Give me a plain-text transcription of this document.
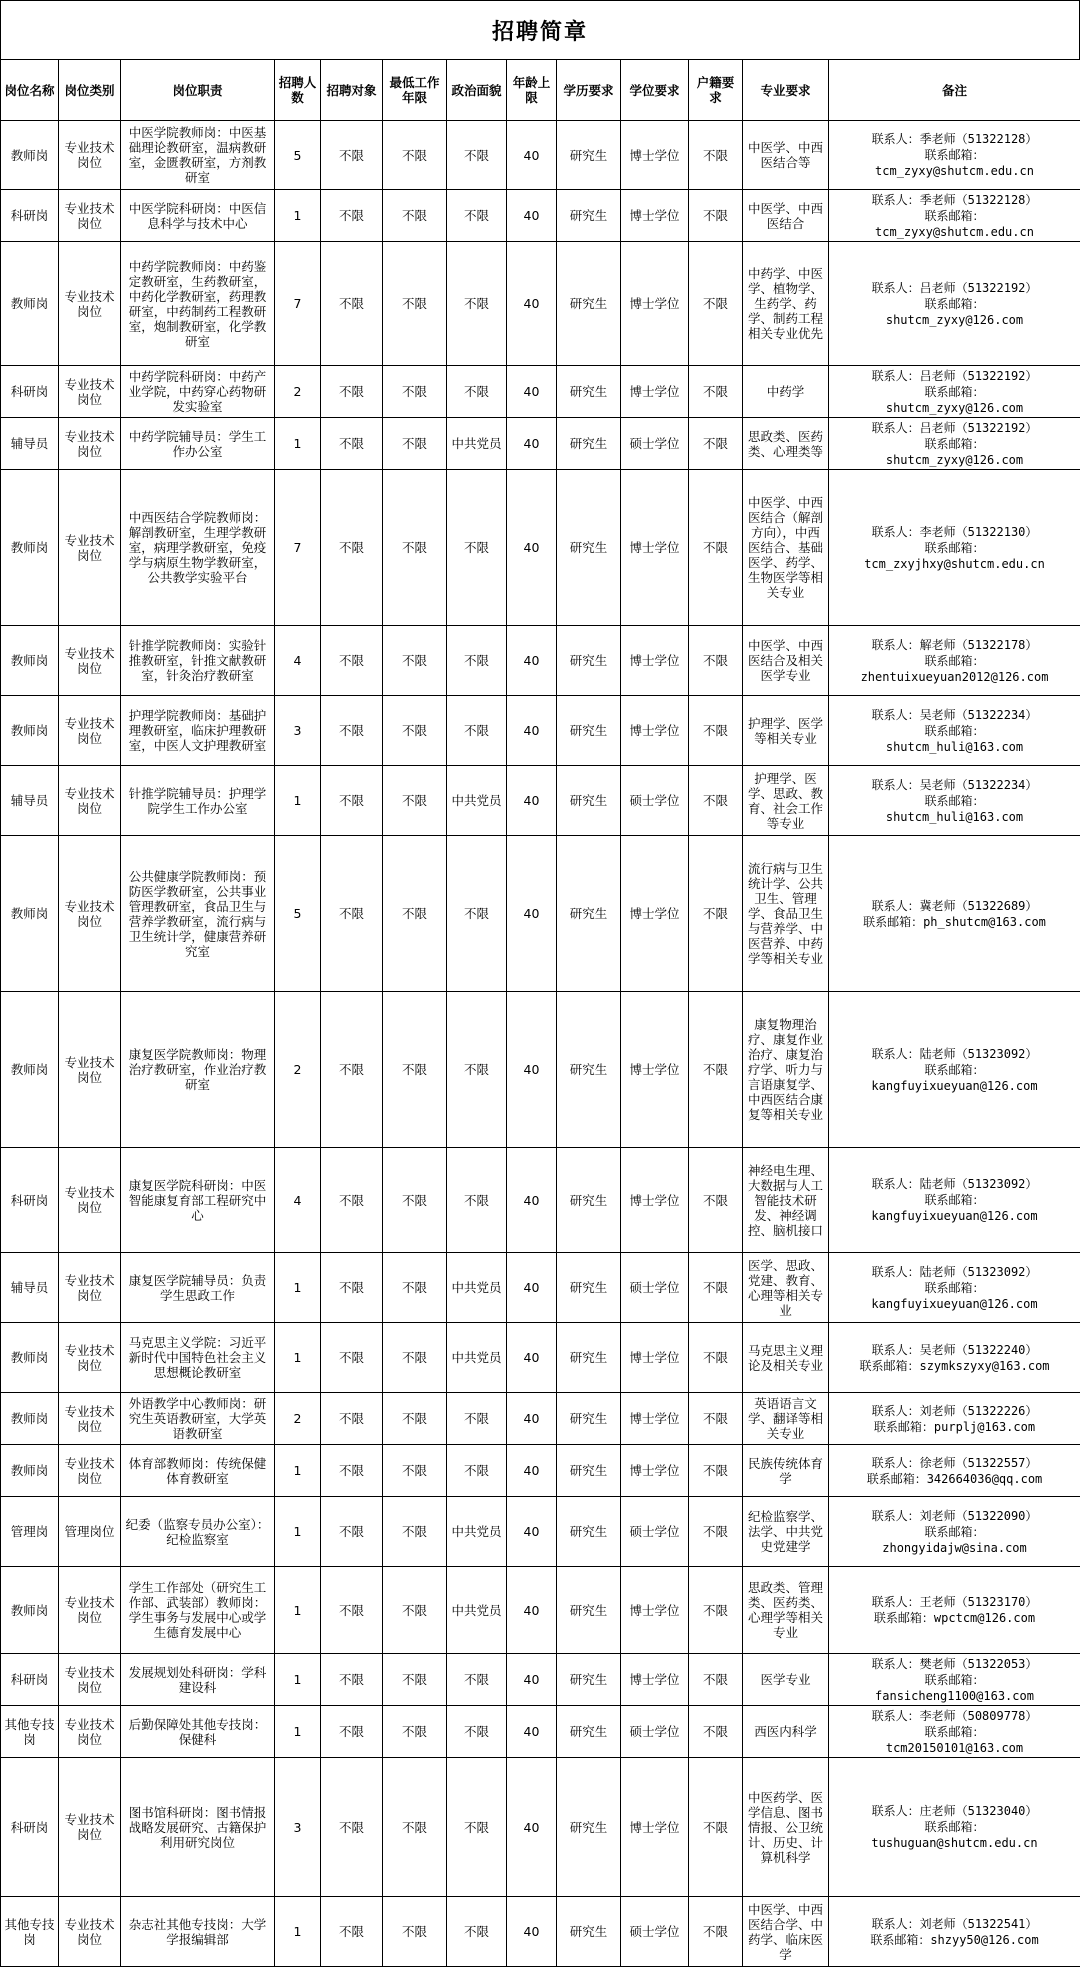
招聘简章
岗位名称	岗位类别	岗位职责	招聘人数	招聘对象	最低工作年限	政治面貌	年龄上限	学历要求	学位要求	户籍要求	专业要求	备注
教师岗	专业技术岗位	中医学院教师岗：中医基础理论教研室，温病教研室，金匮教研室，方剂教研室	5	不限	不限	不限	40	研究生	博士学位	不限	中医学、中西医结合等	联系人：季老师（51322128）
联系邮箱：
tcm_zyxy@shutcm.edu.cn

科研岗	专业技术岗位	中医学院科研岗：中医信息科学与技术中心	1	不限	不限	不限	40	研究生	博士学位	不限	中医学、中西医结合	联系人：季老师（51322128）
联系邮箱：
tcm_zyxy@shutcm.edu.cn

教师岗	专业技术岗位	中药学院教师岗：中药鉴定教研室，生药教研室，中药化学教研室，药理教研室，中药制药工程教研室，炮制教研室，化学教研室	7	不限	不限	不限	40	研究生	博士学位	不限	中药学、中医学、植物学、生药学、药学、制药工程相关专业优先	联系人：吕老师（51322192）
联系邮箱：
shutcm_zyxy@126.com

科研岗	专业技术岗位	中药学院科研岗：中药产业学院，中药穿心药物研发实验室	2	不限	不限	不限	40	研究生	博士学位	不限	中药学	联系人：吕老师（51322192）
联系邮箱：
shutcm_zyxy@126.com

辅导员	专业技术岗位	中药学院辅导员：学生工作办公室	1	不限	不限	中共党员	40	研究生	硕士学位	不限	思政类、医药类、心理类等	联系人：吕老师（51322192）
联系邮箱：
shutcm_zyxy@126.com

教师岗	专业技术岗位	中西医结合学院教师岗：解剖教研室，生理学教研室，病理学教研室，免疫学与病原生物学教研室，公共教学实验平台	7	不限	不限	不限	40	研究生	博士学位	不限	中医学、中西医结合（解剖方向），中西医结合、基础医学、药学、生物医学等相关专业	联系人：李老师（51322130）
联系邮箱：
tcm_zxyjhxy@shutcm.edu.cn

教师岗	专业技术岗位	针推学院教师岗：实验针推教研室，针推文献教研室，针灸治疗教研室	4	不限	不限	不限	40	研究生	博士学位	不限	中医学、中西医结合及相关医学专业	联系人：解老师（51322178）
联系邮箱：
zhentuixueyuan2012@126.com

教师岗	专业技术岗位	护理学院教师岗：基础护理教研室，临床护理教研室，中医人文护理教研室	3	不限	不限	不限	40	研究生	博士学位	不限	护理学、医学等相关专业	联系人：吴老师（51322234）
联系邮箱：
shutcm_huli@163.com

辅导员	专业技术岗位	针推学院辅导员：护理学院学生工作办公室	1	不限	不限	中共党员	40	研究生	硕士学位	不限	护理学、医学、思政、教育、社会工作等专业	联系人：吴老师（51322234）
联系邮箱：
shutcm_huli@163.com

教师岗	专业技术岗位	公共健康学院教师岗：预防医学教研室，公共事业管理教研室，食品卫生与营养学教研室，流行病与卫生统计学，健康营养研究室	5	不限	不限	不限	40	研究生	博士学位	不限	流行病与卫生统计学、公共卫生、管理学、食品卫生与营养学、中医营养、中药学等相关专业	联系人：冀老师（51322689）
联系邮箱：ph_shutcm@163.com

教师岗	专业技术岗位	康复医学院教师岗：物理治疗教研室，作业治疗教研室	2	不限	不限	不限	40	研究生	博士学位	不限	康复物理治疗、康复作业治疗、康复治疗学、听力与言语康复学、中西医结合康复等相关专业	联系人：陆老师（51323092）
联系邮箱：
kangfuyixueyuan@126.com

科研岗	专业技术岗位	康复医学院科研岗：中医智能康复育部工程研究中心	4	不限	不限	不限	40	研究生	博士学位	不限	神经电生理、大数据与人工智能技术研发、神经调控、脑机接口	联系人：陆老师（51323092）
联系邮箱：
kangfuyixueyuan@126.com

辅导员	专业技术岗位	康复医学院辅导员：负责学生思政工作	1	不限	不限	中共党员	40	研究生	硕士学位	不限	医学、思政、党建、教育、心理等相关专业	联系人：陆老师（51323092）
联系邮箱：
kangfuyixueyuan@126.com

教师岗	专业技术岗位	马克思主义学院：习近平新时代中国特色社会主义思想概论教研室	1	不限	不限	中共党员	40	研究生	博士学位	不限	马克思主义理论及相关专业	联系人：吴老师（51322240）
联系邮箱：szymkszyxy@163.com

教师岗	专业技术岗位	外语教学中心教师岗：研究生英语教研室，大学英语教研室	2	不限	不限	不限	40	研究生	博士学位	不限	英语语言文学、翻译等相关专业	联系人：刘老师（51322226）
联系邮箱：purplj@163.com

教师岗	专业技术岗位	体育部教师岗：传统保健体育教研室	1	不限	不限	不限	40	研究生	博士学位	不限	民族传统体育学	联系人：徐老师（51322557）
联系邮箱：342664036@qq.com

管理岗	管理岗位	纪委（监察专员办公室）：纪检监察室	1	不限	不限	中共党员	40	研究生	硕士学位	不限	纪检监察学、法学、中共党史党建学	联系人：刘老师（51322090）
联系邮箱：
zhongyidajw@sina.com

教师岗	专业技术岗位	学生工作部处（研究生工作部、武装部）教师岗：学生事务与发展中心或学生德育发展中心	1	不限	不限	中共党员	40	研究生	博士学位	不限	思政类、管理类、医药类、心理学等相关专业	联系人：王老师（51323170）
联系邮箱：wpctcm@126.com

科研岗	专业技术岗位	发展规划处科研岗：学科建设科	1	不限	不限	不限	40	研究生	博士学位	不限	医学专业	联系人：樊老师（51322053）
联系邮箱：
fansicheng1100@163.com

其他专技岗	专业技术岗位	后勤保障处其他专技岗：保健科	1	不限	不限	不限	40	研究生	硕士学位	不限	西医内科学	联系人：李老师（50809778）
联系邮箱：
tcm20150101@163.com

科研岗	专业技术岗位	图书馆科研岗：图书情报战略发展研究、古籍保护利用研究岗位	3	不限	不限	不限	40	研究生	博士学位	不限	中医药学、医学信息、图书情报、公卫统计、历史、计算机科学	联系人：庄老师（51323040）
联系邮箱：
tushuguan@shutcm.edu.cn

其他专技岗	专业技术岗位	杂志社其他专技岗：大学学报编辑部	1	不限	不限	不限	40	研究生	硕士学位	不限	中医学、中西医结合学、中药学、临床医学	联系人：刘老师（51322541）
联系邮箱：shzyy50@126.com
